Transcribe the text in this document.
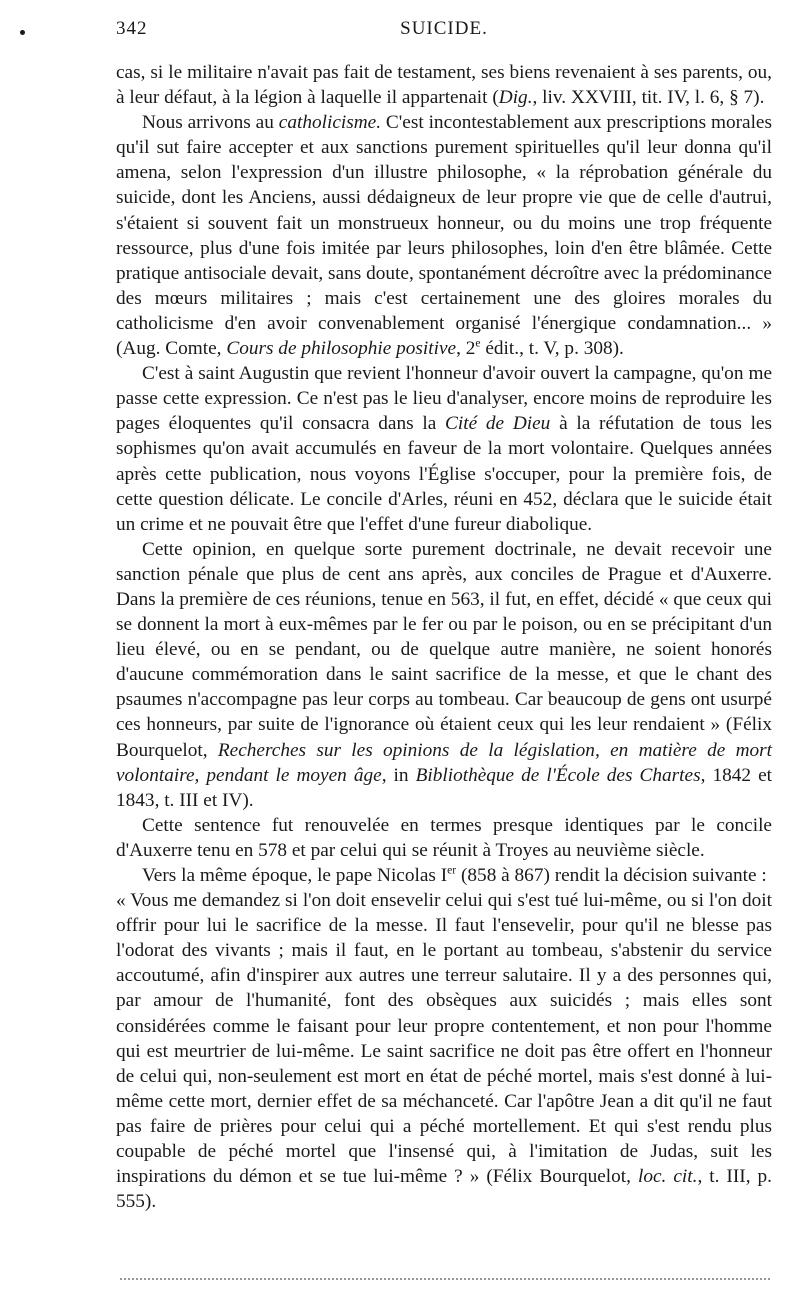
342	SUICIDE.

cas, si le militaire n'avait pas fait de testament, ses biens revenaient à ses parents, ou, à leur défaut, à la légion à laquelle il appartenait (Dig., liv. XXVIII, tit. IV, l. 6, § 7).

Nous arrivons au catholicisme. C'est incontestablement aux prescriptions morales qu'il sut faire accepter et aux sanctions purement spirituelles qu'il leur donna qu'il amena, selon l'expression d'un illustre philosophe, « la réprobation générale du suicide, dont les Anciens, aussi dédaigneux de leur propre vie que de celle d'autrui, s'étaient si souvent fait un monstrueux honneur, ou du moins une trop fréquente ressource, plus d'une fois imitée par leurs philosophes, loin d'en être blâmée. Cette pratique antisociale devait, sans doute, spontanément décroître avec la prédominance des mœurs militaires ; mais c'est certainement une des gloires morales du catholicisme d'en avoir convenablement organisé l'énergique condamnation... » (Aug. Comte, Cours de philosophie positive, 2e édit., t. V, p. 308).

C'est à saint Augustin que revient l'honneur d'avoir ouvert la campagne, qu'on me passe cette expression. Ce n'est pas le lieu d'analyser, encore moins de reproduire les pages éloquentes qu'il consacra dans la Cité de Dieu à la réfutation de tous les sophismes qu'on avait accumulés en faveur de la mort volontaire. Quelques années après cette publication, nous voyons l'Église s'occuper, pour la première fois, de cette question délicate. Le concile d'Arles, réuni en 452, déclara que le suicide était un crime et ne pouvait être que l'effet d'une fureur diabolique.

Cette opinion, en quelque sorte purement doctrinale, ne devait recevoir une sanction pénale que plus de cent ans après, aux conciles de Prague et d'Auxerre. Dans la première de ces réunions, tenue en 563, il fut, en effet, décidé « que ceux qui se donnent la mort à eux-mêmes par le fer ou par le poison, ou en se précipitant d'un lieu élevé, ou en se pendant, ou de quelque autre manière, ne soient honorés d'aucune commémoration dans le saint sacrifice de la messe, et que le chant des psaumes n'accompagne pas leur corps au tombeau. Car beaucoup de gens ont usurpé ces honneurs, par suite de l'ignorance où étaient ceux qui les leur rendaient » (Félix Bourquelot, Recherches sur les opinions de la législation, en matière de mort volontaire, pendant le moyen âge, in Bibliothèque de l'École des Chartes, 1842 et 1843, t. III et IV).

Cette sentence fut renouvelée en termes presque identiques par le concile d'Auxerre tenu en 578 et par celui qui se réunit à Troyes au neuvième siècle.

Vers la même époque, le pape Nicolas Ier (858 à 867) rendit la décision suivante :

« Vous me demandez si l'on doit ensevelir celui qui s'est tué lui-même, ou si l'on doit offrir pour lui le sacrifice de la messe. Il faut l'ensevelir, pour qu'il ne blesse pas l'odorat des vivants ; mais il faut, en le portant au tombeau, s'abstenir du service accoutumé, afin d'inspirer aux autres une terreur salutaire. Il y a des personnes qui, par amour de l'humanité, font des obsèques aux suicidés ; mais elles sont considérées comme le faisant pour leur propre contentement, et non pour l'homme qui est meurtrier de lui-même. Le saint sacrifice ne doit pas être offert en l'honneur de celui qui, non-seulement est mort en état de péché mortel, mais s'est donné à lui-même cette mort, dernier effet de sa méchanceté. Car l'apôtre Jean a dit qu'il ne faut pas faire de prières pour celui qui a péché mortellement. Et qui s'est rendu plus coupable de péché mortel que l'insensé qui, à l'imitation de Judas, suit les inspirations du démon et se tue lui-même ? » (Félix Bourquelot, loc. cit., t. III, p. 555).
